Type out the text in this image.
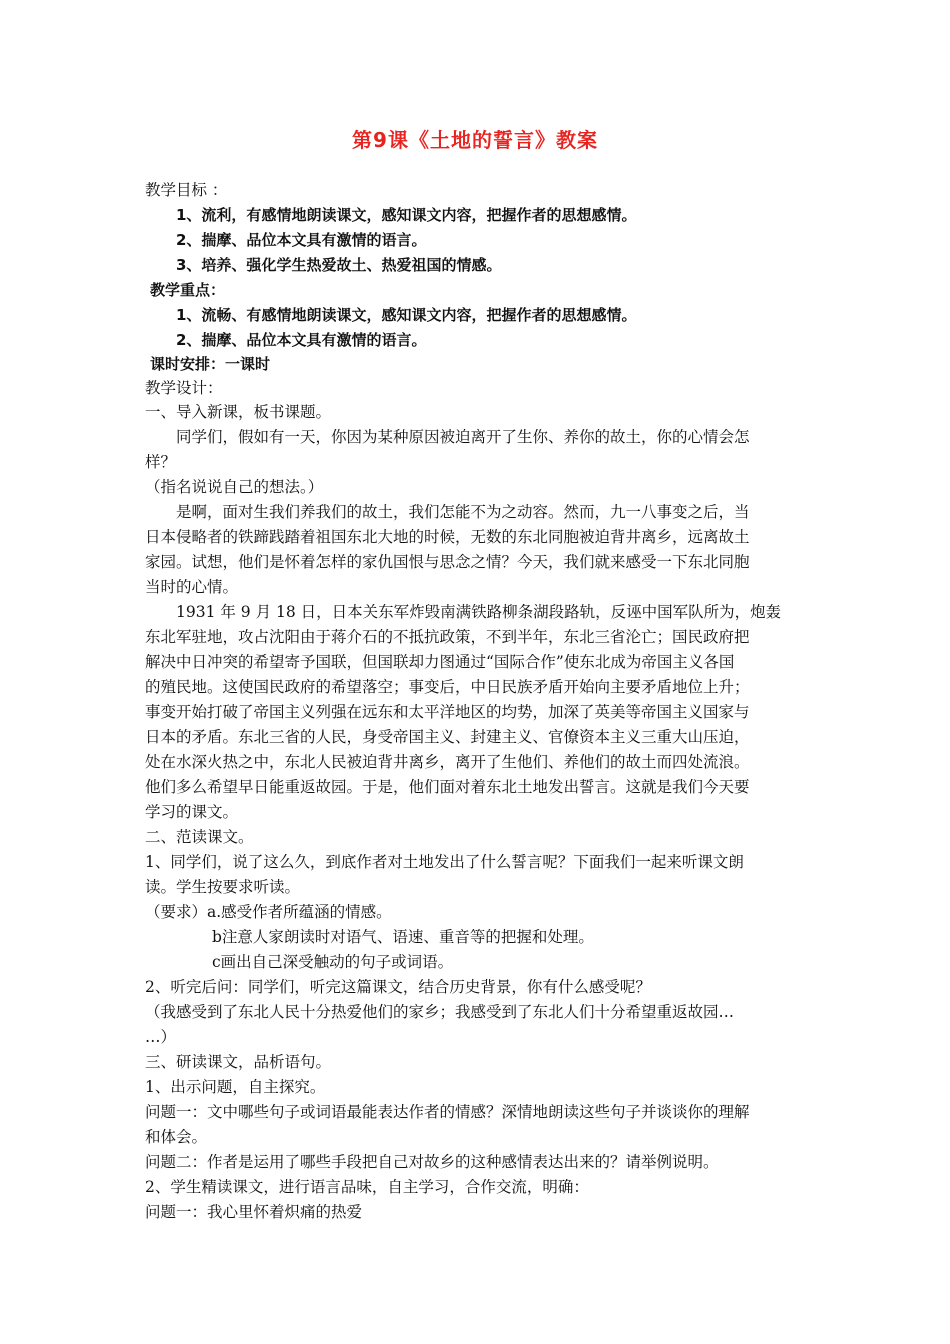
第9课《土地的誓言》教案
教学目标 ：
1、流利，有感情地朗读课文，感知课文内容，把握作者的思想感情。
2、揣摩、品位本文具有激情的语言。
3、培养、强化学生热爱故土、热爱祖国的情感。
教学重点：
1、流畅、有感情地朗读课文，感知课文内容，把握作者的思想感情。
2、揣摩、品位本文具有激情的语言。
课时安排：一课时
教学设计：
一、导入新课，板书课题。
同学们，假如有一天，你因为某种原因被迫离开了生你、养你的故土，你的心情会怎
样？
（指名说说自己的想法。）
是啊，面对生我们养我们的故土，我们怎能不为之动容。然而，九一八事变之后，当
日本侵略者的铁蹄践踏着祖国东北大地的时候，无数的东北同胞被迫背井离乡，远离故土
家园。试想，他们是怀着怎样的家仇国恨与思念之情？今天，我们就来感受一下东北同胞
当时的心情。
1931 年 9 月 18 日，日本关东军炸毁南满铁路柳条湖段路轨，反诬中国军队所为，炮轰
东北军驻地，攻占沈阳由于蒋介石的不抵抗政策，不到半年，东北三省沦亡；国民政府把
解决中日冲突的希望寄予国联，但国联却力图通过“国际合作”使东北成为帝国主义各国
的殖民地。这使国民政府的希望落空；事变后，中日民族矛盾开始向主要矛盾地位上升；
事变开始打破了帝国主义列强在远东和太平洋地区的均势，加深了英美等帝国主义国家与
日本的矛盾。东北三省的人民，身受帝国主义、封建主义、官僚资本主义三重大山压迫，
处在水深火热之中，东北人民被迫背井离乡，离开了生他们、养他们的故土而四处流浪。
他们多么希望早日能重返故园。于是，他们面对着东北土地发出誓言。这就是我们今天要
学习的课文。
二、范读课文。
1、同学们，说了这么久，到底作者对土地发出了什么誓言呢？下面我们一起来听课文朗
读。学生按要求听读。
（要求）a.感受作者所蕴涵的情感。
b注意人家朗读时对语气、语速、重音等的把握和处理。
c画出自己深受触动的句子或词语。
2、听完后问：同学们，听完这篇课文，结合历史背景，你有什么感受呢？
（我感受到了东北人民十分热爱他们的家乡；我感受到了东北人们十分希望重返故园…
…）
三、研读课文，品析语句。
1、出示问题，自主探究。
问题一：文中哪些句子或词语最能表达作者的情感？深情地朗读这些句子并谈谈你的理解
和体会。
问题二：作者是运用了哪些手段把自己对故乡的这种感情表达出来的？请举例说明。
2、学生精读课文，进行语言品味，自主学习，合作交流，明确：
问题一：我心里怀着炽痛的热爱
